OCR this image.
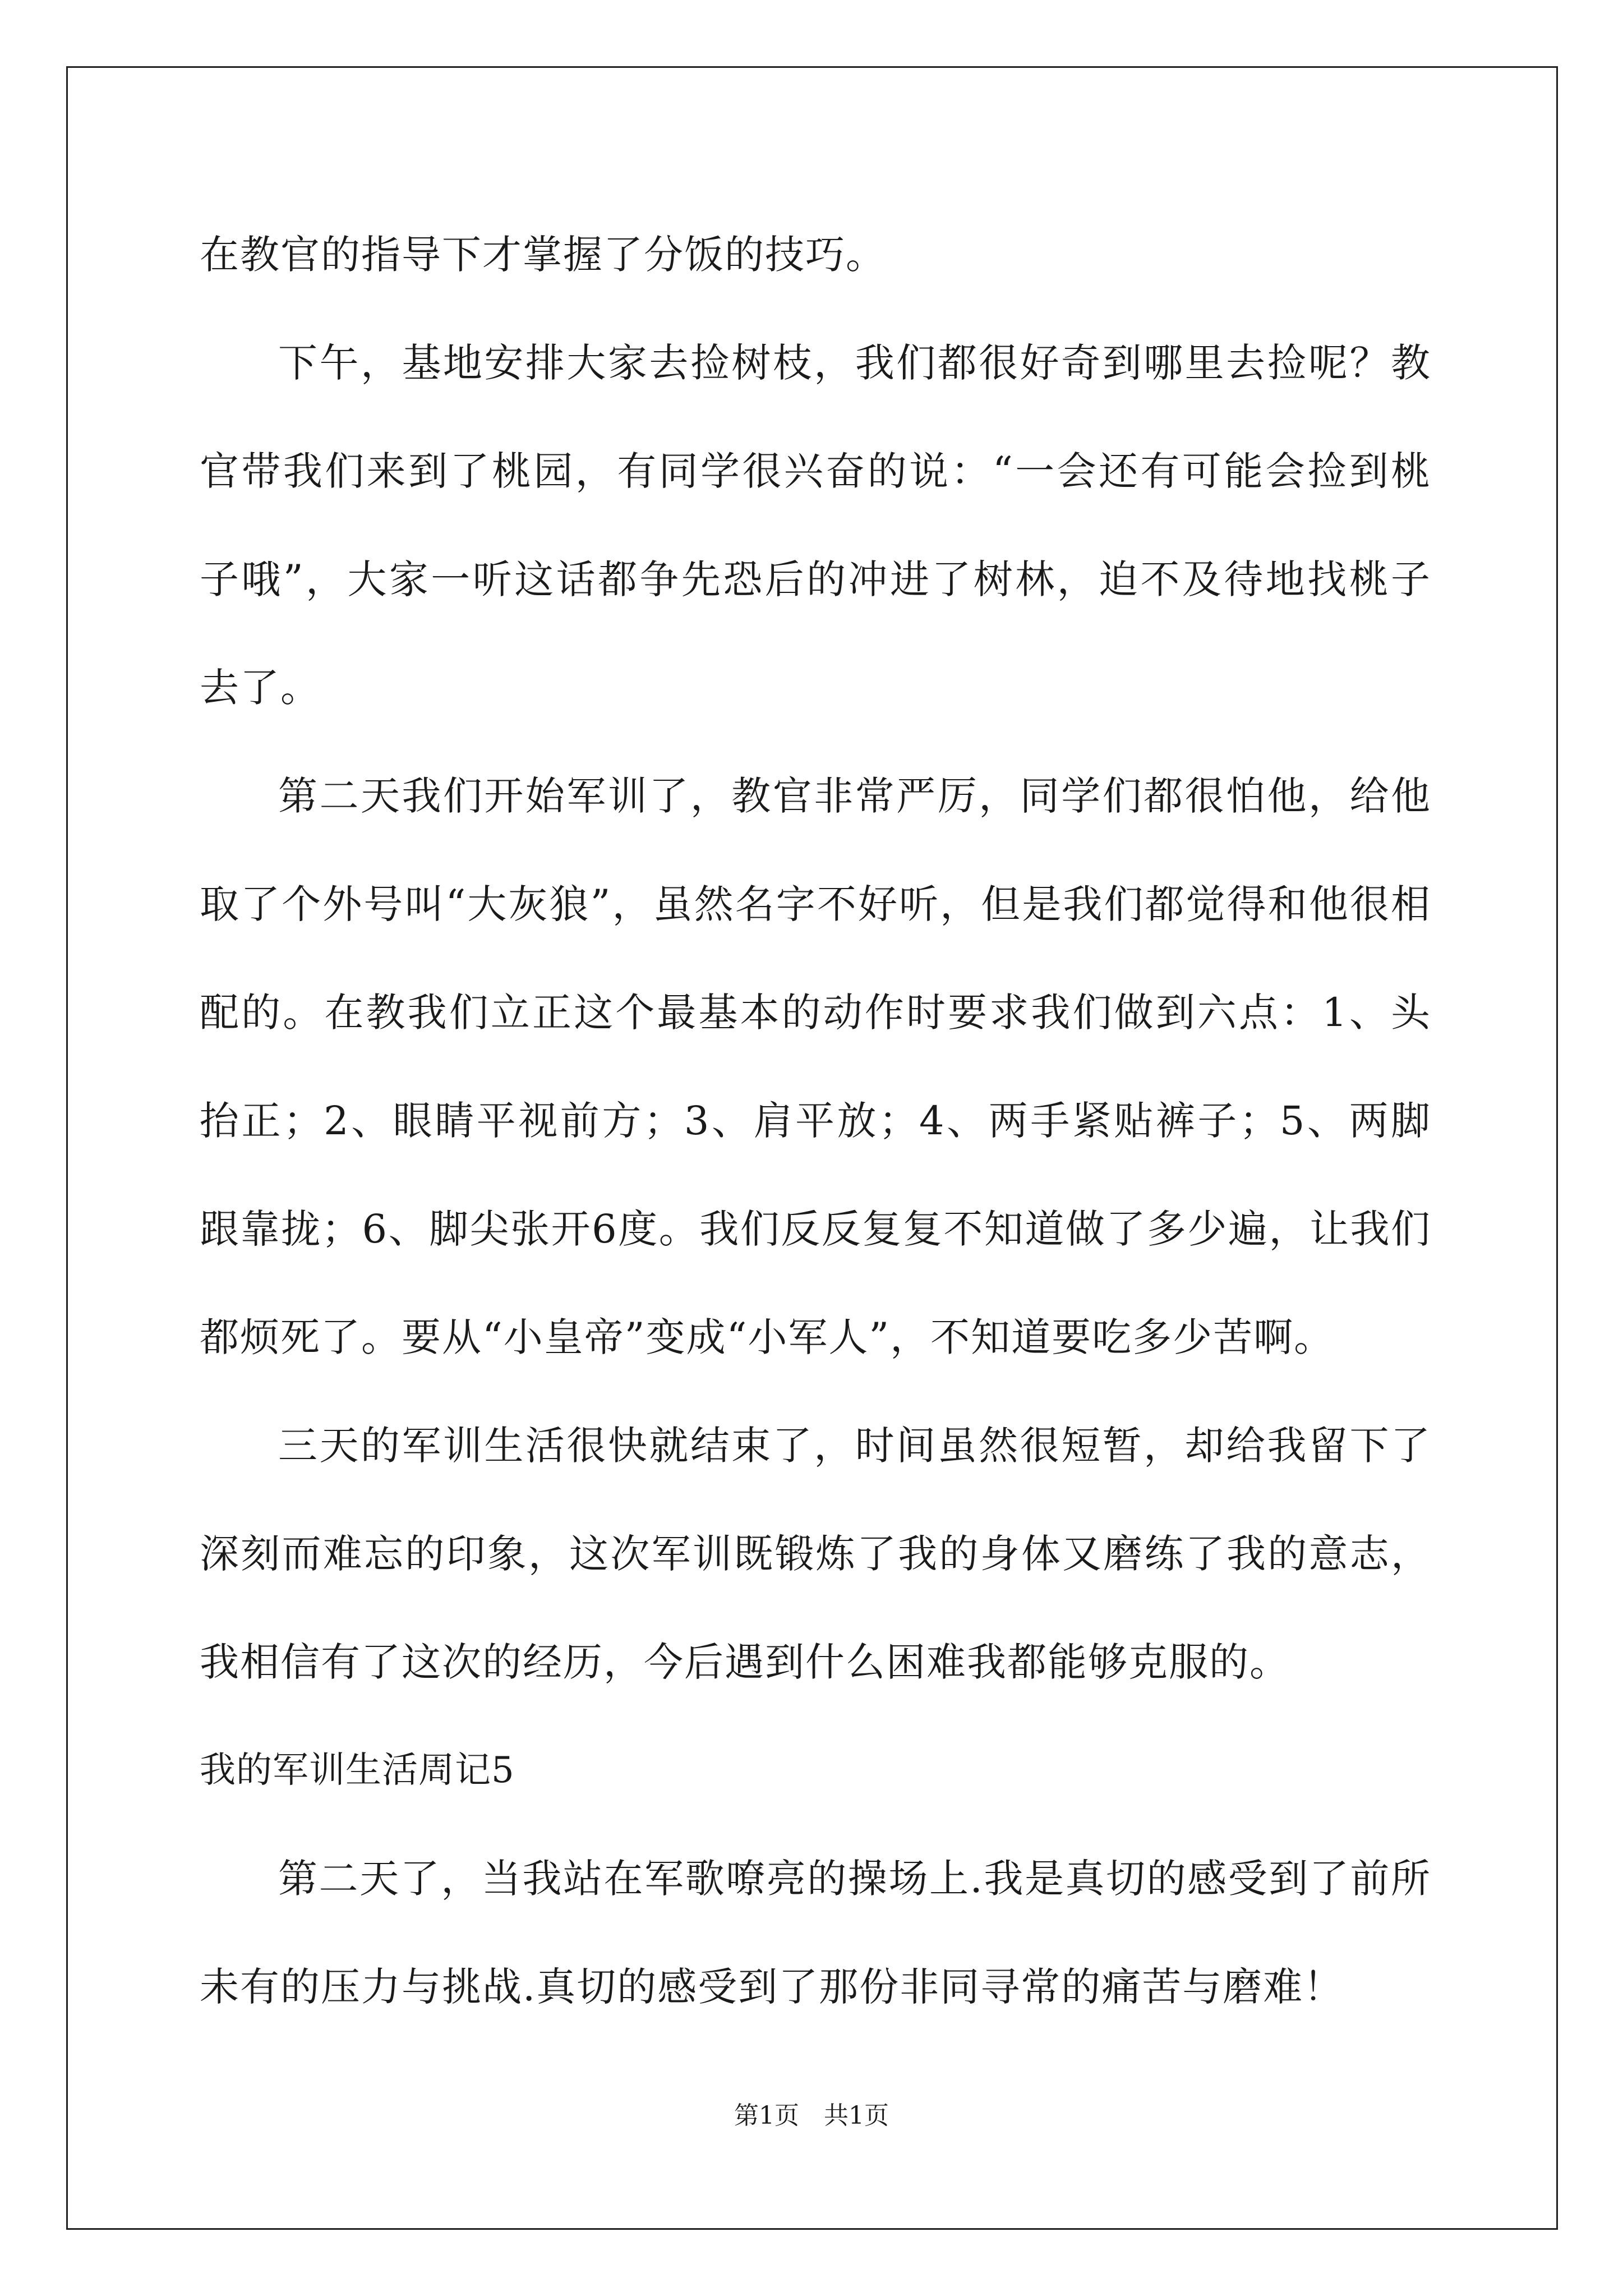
在教官的指导下才掌握了分饭的技巧。

下午，基地安排大家去捡树枝，我们都很好奇到哪里去捡呢？教官带我们来到了桃园，有同学很兴奋的说：“一会还有可能会捡到桃子哦”，大家一听这话都争先恐后的冲进了树林，迫不及待地找桃子去了。

第二天我们开始军训了，教官非常严厉，同学们都很怕他，给他取了个外号叫“大灰狼”，虽然名字不好听，但是我们都觉得和他很相配的。在教我们立正这个最基本的动作时要求我们做到六点：1、头抬正；2、眼睛平视前方；3、肩平放；4、两手紧贴裤子；5、两脚跟靠拢；6、脚尖张开6度。我们反反复复不知道做了多少遍，让我们都烦死了。要从“小皇帝”变成“小军人”，不知道要吃多少苦啊。

三天的军训生活很快就结束了，时间虽然很短暂，却给我留下了深刻而难忘的印象，这次军训既锻炼了我的身体又磨练了我的意志，我相信有了这次的经历，今后遇到什么困难我都能够克服的。

我的军训生活周记5

第二天了，当我站在军歌嘹亮的操场上.我是真切的感受到了前所未有的压力与挑战.真切的感受到了那份非同寻常的痛苦与磨难！

第1页　共1页
